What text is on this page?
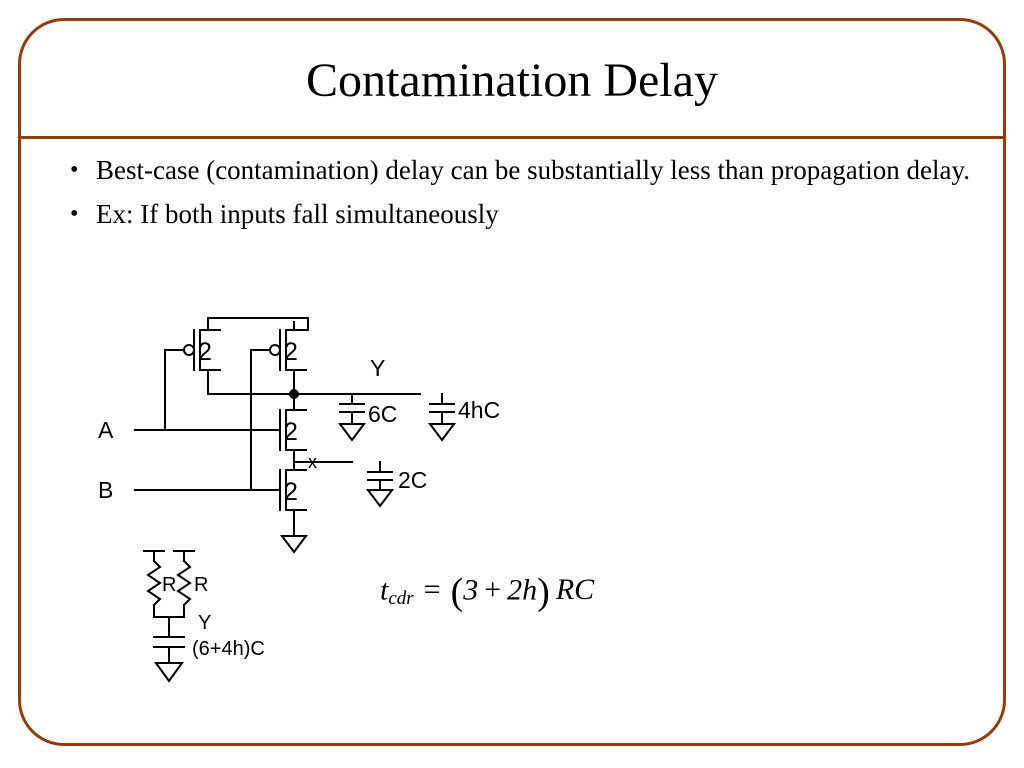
Contamination Delay
• Best-case (contamination) delay can be substantially less than propagation delay.
• Ex: If both inputs fall simultaneously
A
B
2	2
2
2
Y
x
6C	4hC
2C
R R
Y
(6+4h)C
$t_{cdr} = (3 + 2h)$ RC
